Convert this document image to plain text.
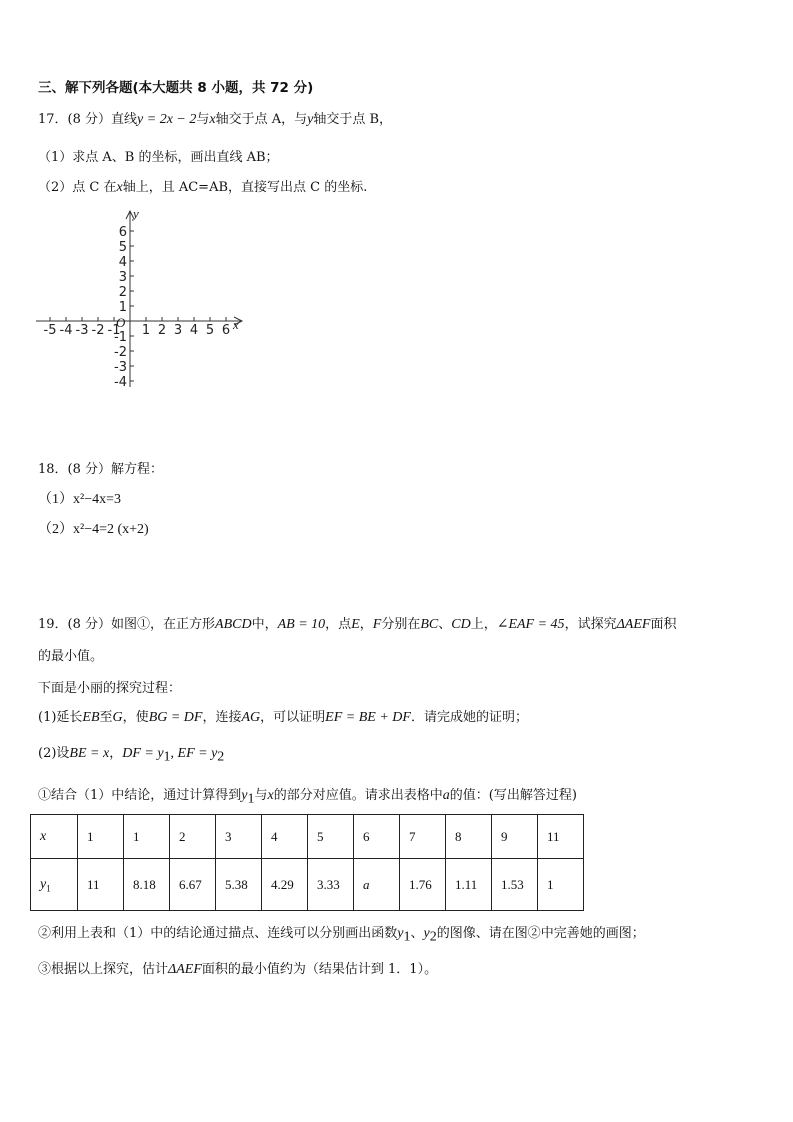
三、解下列各题(本大题共 8 小题，共 72 分)
17．(8 分）直线y = 2x − 2与x轴交于点 A，与y轴交于点 B，
（1）求点 A、B 的坐标，画出直线 AB；
（2）点 C 在x轴上，且 AC=AB，直接写出点 C 的坐标.
-5 -4 -3 -2 -1 1 2 3 4 5 6
6
5
4
3
2
1
-1
-2
-3
-4
O	x
y
18．(8 分）解方程：
（1）x²−4x=3
（2）x²−4=2 (x+2)
19．(8 分）如图①，在正方形ABCD中，AB = 10，点E，F分别在BC、CD上，∠EAF = 45，试探究ΔAEF面积
的最小值。
下面是小丽的探究过程：
(1)延长EB至G，使BG = DF，连接AG，可以证明EF = BE + DF．请完成她的证明；
(2)设BE = x，DF = $y_1$, EF = $y_2$
①结合（1）中结论，通过计算得到$y_1$与x的部分对应值。请求出表格中a的值：(写出解答过程)
x	1	1	2	3	4	5	6	7	8	9	11
$y_1$	11	8.18	6.67	5.38	4.29	3.33	a	1.76	1.11	1.53	1
②利用上表和（1）中的结论通过描点、连线可以分别画出函数$y_1$、$y_2$的图像、请在图②中完善她的画图；
③根据以上探究，估计ΔAEF面积的最小值约为（结果估计到 1．1）。
